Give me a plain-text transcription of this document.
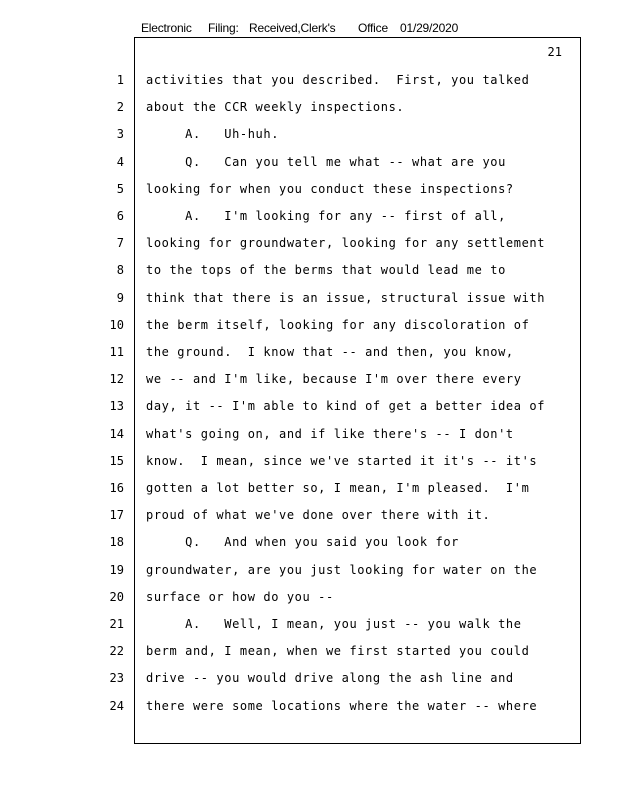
Electronic Filing: Received,Clerk's Office 01/29/2020
21
1 activities that you described.  First, you talked
2 about the CCR weekly inspections.
3 A.   Uh-huh.
4 Q.   Can you tell me what -- what are you
5 looking for when you conduct these inspections?
6 A.   I'm looking for any -- first of all,
7 looking for groundwater, looking for any settlement
8 to the tops of the berms that would lead me to
9 think that there is an issue, structural issue with
10 the berm itself, looking for any discoloration of
11 the ground.  I know that -- and then, you know,
12 we -- and I'm like, because I'm over there every
13 day, it -- I'm able to kind of get a better idea of
14 what's going on, and if like there's -- I don't
15 know.  I mean, since we've started it it's -- it's
16 gotten a lot better so, I mean, I'm pleased.  I'm
17 proud of what we've done over there with it.
18 Q.   And when you said you look for
19 groundwater, are you just looking for water on the
20 surface or how do you --
21 A.   Well, I mean, you just -- you walk the
22 berm and, I mean, when we first started you could
23 drive -- you would drive along the ash line and
24 there were some locations where the water -- where
